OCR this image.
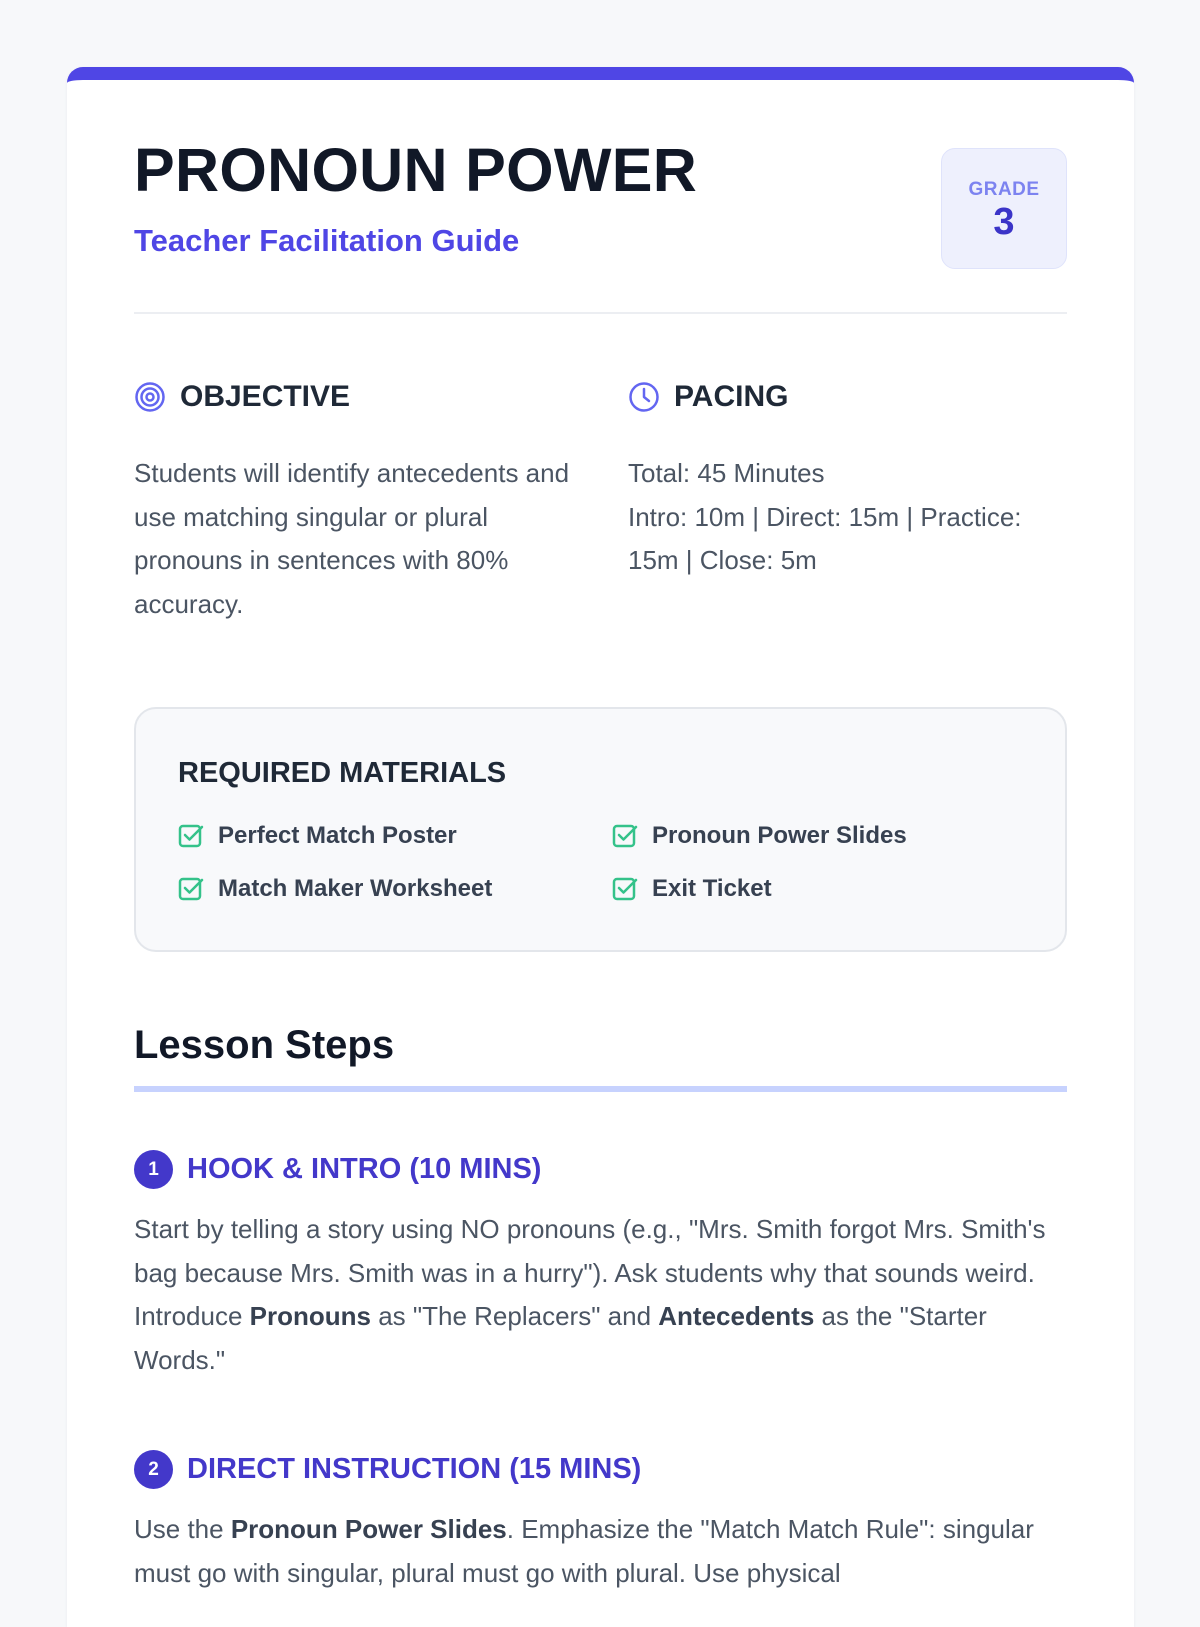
PRONOUN POWER
Teacher Facilitation Guide
GRADE
3
OBJECTIVE
Students will identify antecedents and use matching singular or plural pronouns in sentences with 80% accuracy.
PACING
Total: 45 Minutes
Intro: 10m | Direct: 15m | Practice: 15m | Close: 5m
REQUIRED MATERIALS
Perfect Match Poster	Pronoun Power Slides
Match Maker Worksheet	Exit Ticket
Lesson Steps
1 HOOK & INTRO (10 MINS)

Start by telling a story using NO pronouns (e.g., "Mrs. Smith forgot Mrs. Smith's bag because Mrs. Smith was in a hurry"). Ask students why that sounds weird. Introduce Pronouns as "The Replacers" and Antecedents as the "Starter Words."

2 DIRECT INSTRUCTION (15 MINS)

Use the Pronoun Power Slides. Emphasize the "Match Match Rule": singular must go with singular, plural must go with plural. Use physical
